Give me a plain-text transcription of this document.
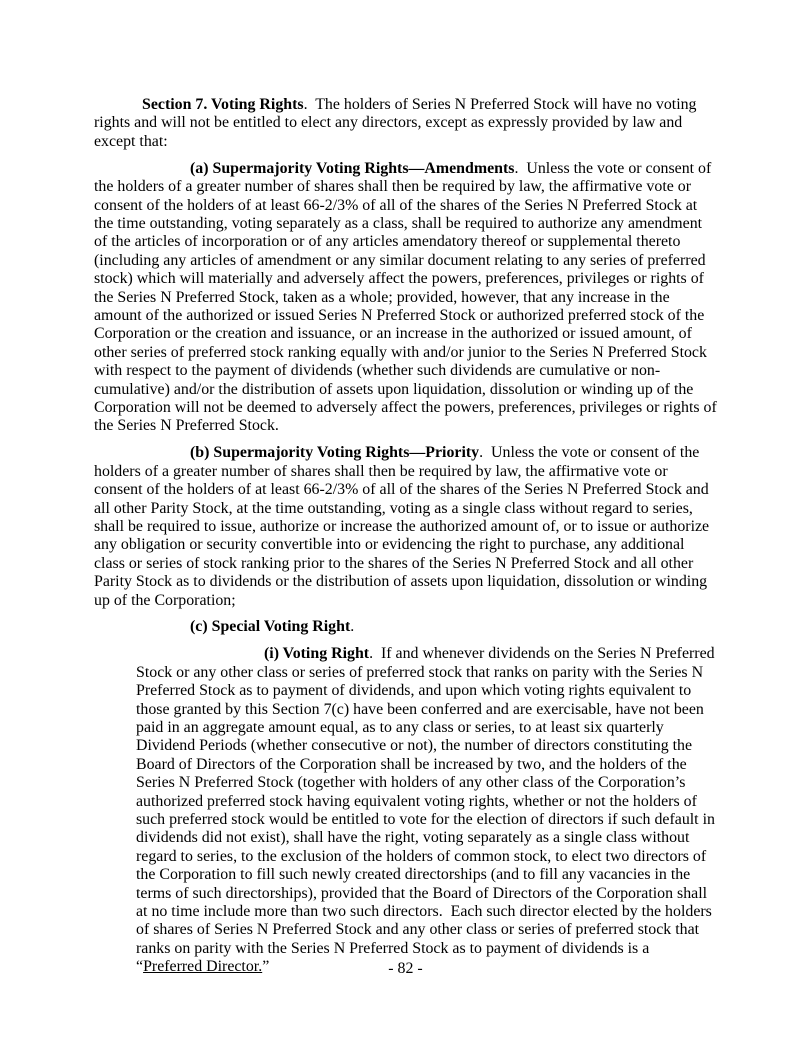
Section 7. Voting Rights.  The holders of Series N Preferred Stock will have no voting rights and will not be entitled to elect any directors, except as expressly provided by law and except that:

(a) Supermajority Voting Rights—Amendments.  Unless the vote or consent of the holders of a greater number of shares shall then be required by law, the affirmative vote or consent of the holders of at least 66-2/3% of all of the shares of the Series N Preferred Stock at the time outstanding, voting separately as a class, shall be required to authorize any amendment of the articles of incorporation or of any articles amendatory thereof or supplemental thereto (including any articles of amendment or any similar document relating to any series of preferred stock) which will materially and adversely affect the powers, preferences, privileges or rights of the Series N Preferred Stock, taken as a whole; provided, however, that any increase in the amount of the authorized or issued Series N Preferred Stock or authorized preferred stock of the Corporation or the creation and issuance, or an increase in the authorized or issued amount, of other series of preferred stock ranking equally with and/or junior to the Series N Preferred Stock with respect to the payment of dividends (whether such dividends are cumulative or non-cumulative) and/or the distribution of assets upon liquidation, dissolution or winding up of the Corporation will not be deemed to adversely affect the powers, preferences, privileges or rights of the Series N Preferred Stock.

(b) Supermajority Voting Rights—Priority.  Unless the vote or consent of the holders of a greater number of shares shall then be required by law, the affirmative vote or consent of the holders of at least 66-2/3% of all of the shares of the Series N Preferred Stock and all other Parity Stock, at the time outstanding, voting as a single class without regard to series, shall be required to issue, authorize or increase the authorized amount of, or to issue or authorize any obligation or security convertible into or evidencing the right to purchase, any additional class or series of stock ranking prior to the shares of the Series N Preferred Stock and all other Parity Stock as to dividends or the distribution of assets upon liquidation, dissolution or winding up of the Corporation;

(c) Special Voting Right.

(i) Voting Right.  If and whenever dividends on the Series N Preferred Stock or any other class or series of preferred stock that ranks on parity with the Series N Preferred Stock as to payment of dividends, and upon which voting rights equivalent to those granted by this Section 7(c) have been conferred and are exercisable, have not been paid in an aggregate amount equal, as to any class or series, to at least six quarterly Dividend Periods (whether consecutive or not), the number of directors constituting the Board of Directors of the Corporation shall be increased by two, and the holders of the Series N Preferred Stock (together with holders of any other class of the Corporation’s authorized preferred stock having equivalent voting rights, whether or not the holders of such preferred stock would be entitled to vote for the election of directors if such default in dividends did not exist), shall have the right, voting separately as a single class without regard to series, to the exclusion of the holders of common stock, to elect two directors of the Corporation to fill such newly created directorships (and to fill any vacancies in the terms of such directorships), provided that the Board of Directors of the Corporation shall at no time include more than two such directors.  Each such director elected by the holders of shares of Series N Preferred Stock and any other class or series of preferred stock that ranks on parity with the Series N Preferred Stock as to payment of dividends is a “Preferred Director.”	- 82 -
